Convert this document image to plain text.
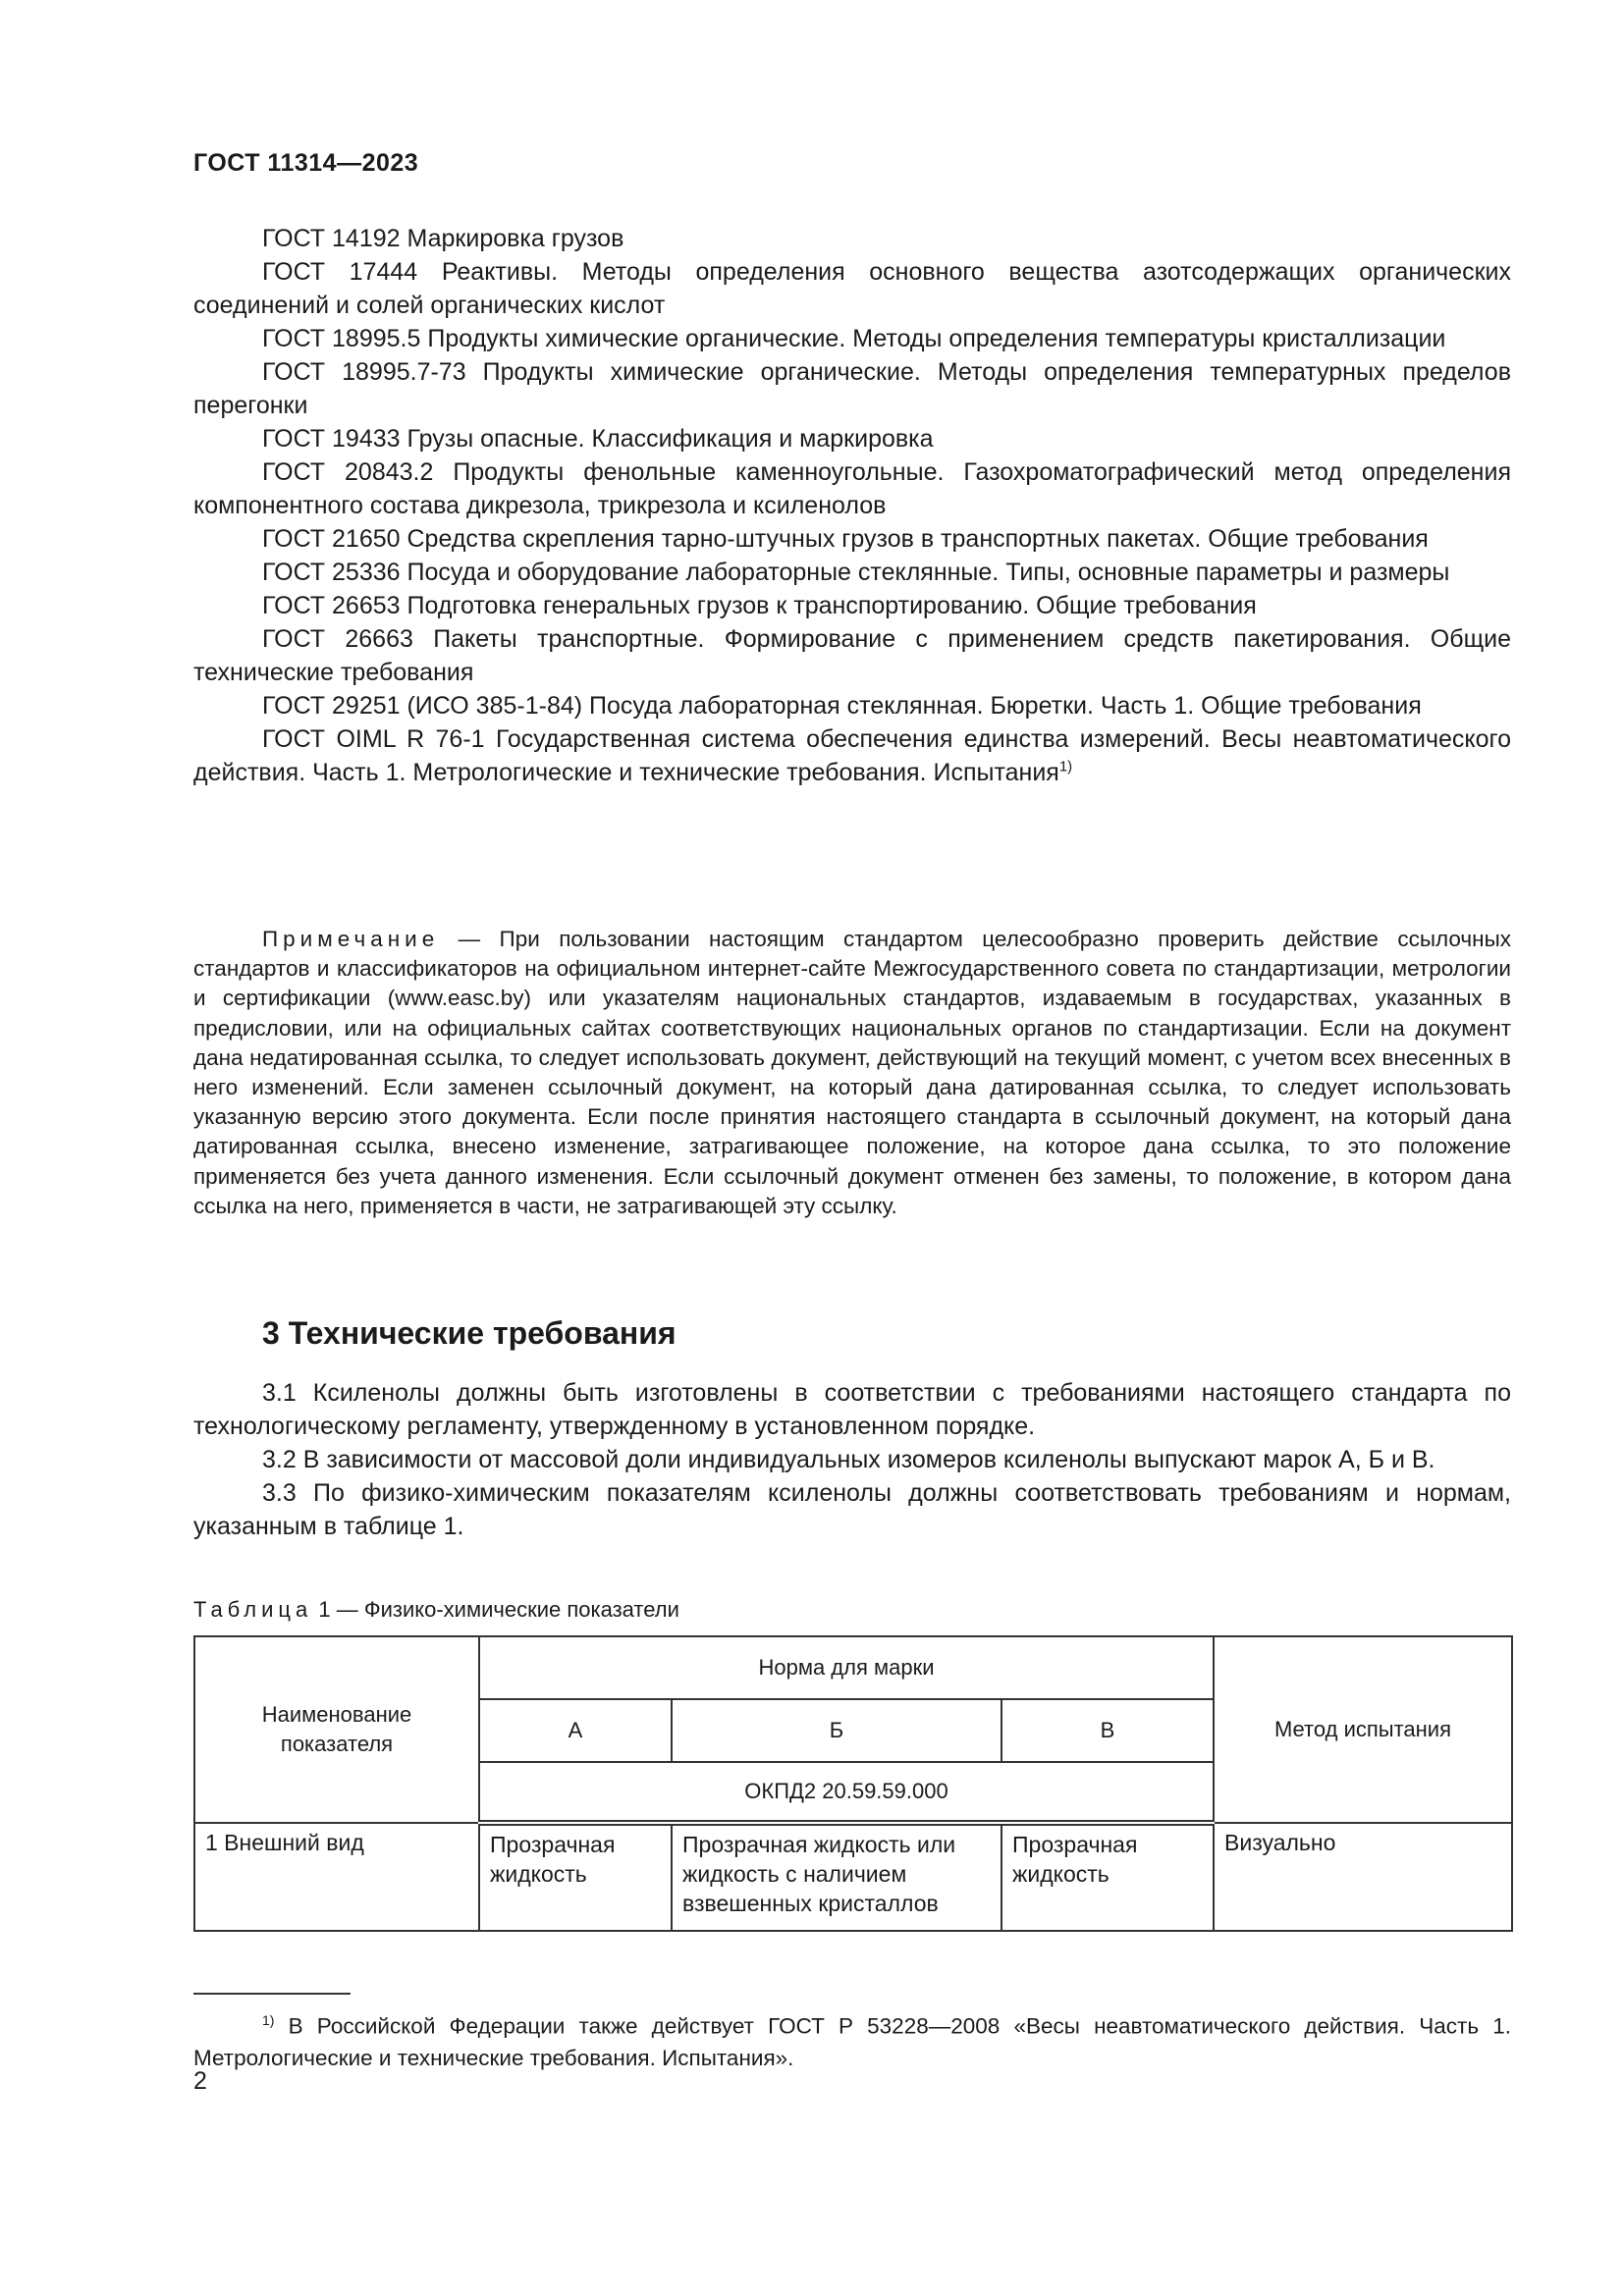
ГОСТ 11314—2023

ГОСТ 14192 Маркировка грузов

ГОСТ 17444 Реактивы. Методы определения основного вещества азотсодержащих органических соединений и солей органических кислот

ГОСТ 18995.5 Продукты химические органические. Методы определения температуры кристаллизации

ГОСТ 18995.7-73 Продукты химические органические. Методы определения температурных пределов перегонки

ГОСТ 19433 Грузы опасные. Классификация и маркировка

ГОСТ 20843.2 Продукты фенольные каменноугольные. Газохроматографический метод определения компонентного состава дикрезола, трикрезола и ксиленолов

ГОСТ 21650 Средства скрепления тарно-штучных грузов в транспортных пакетах. Общие требования

ГОСТ 25336 Посуда и оборудование лабораторные стеклянные. Типы, основные параметры и размеры

ГОСТ 26653 Подготовка генеральных грузов к транспортированию. Общие требования

ГОСТ 26663 Пакеты транспортные. Формирование с применением средств пакетирования. Общие технические требования

ГОСТ 29251 (ИСО 385-1-84) Посуда лабораторная стеклянная. Бюретки. Часть 1. Общие требования

ГОСТ OIML R 76-1 Государственная система обеспечения единства измерений. Весы неавтоматического действия. Часть 1. Метрологические и технические требования. Испытания$^{1)}$

Примечание — При пользовании настоящим стандартом целесообразно проверить действие ссылочных стандартов и классификаторов на официальном интернет-сайте Межгосударственного совета по стандартизации, метрологии и сертификации (www.easc.by) или указателям национальных стандартов, издаваемым в государствах, указанных в предисловии, или на официальных сайтах соответствующих национальных органов по стандартизации. Если на документ дана недатированная ссылка, то следует использовать документ, действующий на текущий момент, с учетом всех внесенных в него изменений. Если заменен ссылочный документ, на который дана датированная ссылка, то следует использовать указанную версию этого документа. Если после принятия настоящего стандарта в ссылочный документ, на который дана датированная ссылка, внесено изменение, затрагивающее положение, на которое дана ссылка, то это положение применяется без учета данного изменения. Если ссылочный документ отменен без замены, то положение, в котором дана ссылка на него, применяется в части, не затрагивающей эту ссылку.

3 Технические требования

3.1 Ксиленолы должны быть изготовлены в соответствии с требованиями настоящего стандарта по технологическому регламенту, утвержденному в установленном порядке.

3.2 В зависимости от массовой доли индивидуальных изомеров ксиленолы выпускают марок А, Б и В.

3.3 По физико-химическим показателям ксиленолы должны соответствовать требованиям и нормам, указанным в таблице 1.

Таблица 1 — Физико-химические показатели

Наименование показателя	Норма для марки			Метод испытания
	А	Б	В	
	ОКПД2 20.59.59.000			
1 Внешний вид	Прозрачная жидкость	Прозрачная жидкость или жидкость с наличием взвешенных кристаллов	Прозрачная жидкость	Визуально

$^{1)}$ В Российской Федерации также действует ГОСТ Р 53228—2008 «Весы неавтоматического действия. Часть 1. Метрологические и технические требования. Испытания».

2
